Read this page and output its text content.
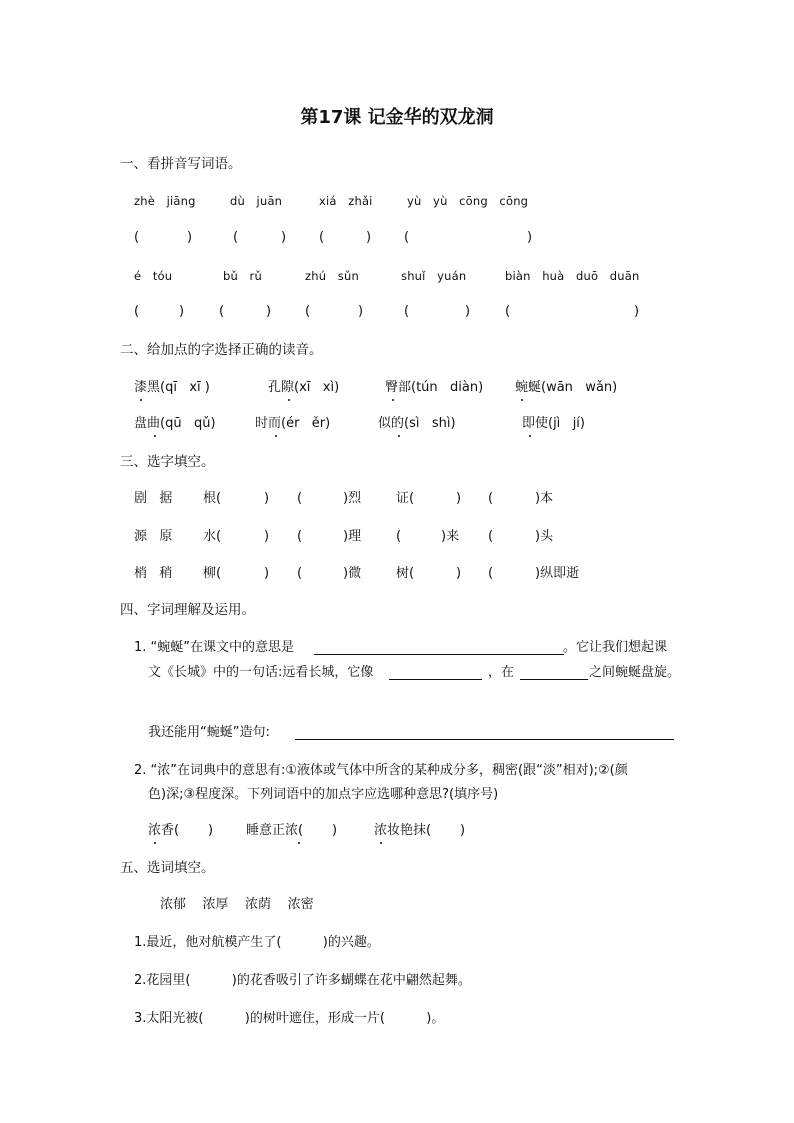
第17课 记金华的双龙洞
一、看拼音写词语。
zhè   jiāng	dù   juān	xiá   zhǎi	yù   yù   cōng   cōng
(	)	(	)	(	)	(	)
é   tóu	bǔ   rǔ	zhú   sǔn	shuǐ   yuán	biàn   huà   duō   duān
(	)	(	)	(	)	(	)	(	)
二、给加点的字选择正确的读音。
漆黑(qī   xī )	孔隙(xī   xì)	臀部(tún   diàn) 蜿蜒(wān   wǎn)
盘曲(qū   qǔ)	时而(ér   ěr)	似的(sì   shì)	即使(jì   jí)
三、选字填空。
剧   据 根(	) (	)烈	证(	) (	)本
源   原 水(	) (	)理	(	)来 (	)头
梢   稍 柳(	) (	)微	树(	) (	)纵即逝
四、字词理解及运用。
1. “蜿蜒”在课文中的意思是	。它让我们想起课
文《长城》中的一句话:远看长城，它像	，在	之间蜿蜒盘旋。
我还能用“蜿蜒”造句:
2. “浓”在词典中的意思有:①液体或气体中所含的某种成分多，稠密(跟“淡”相对);②(颜
色)深;③程度深。下列词语中的加点字应选哪种意思?(填序号)
浓香(       )	睡意正浓(       )	浓妆艳抹(       )
五、选词填空。
浓郁    浓厚    浓荫    浓密
1.最近，他对航模产生了(          )的兴趣。
2.花园里(          )的花香吸引了许多蝴蝶在花中翩然起舞。
3.太阳光被(          )的树叶遮住，形成一片(          )。
